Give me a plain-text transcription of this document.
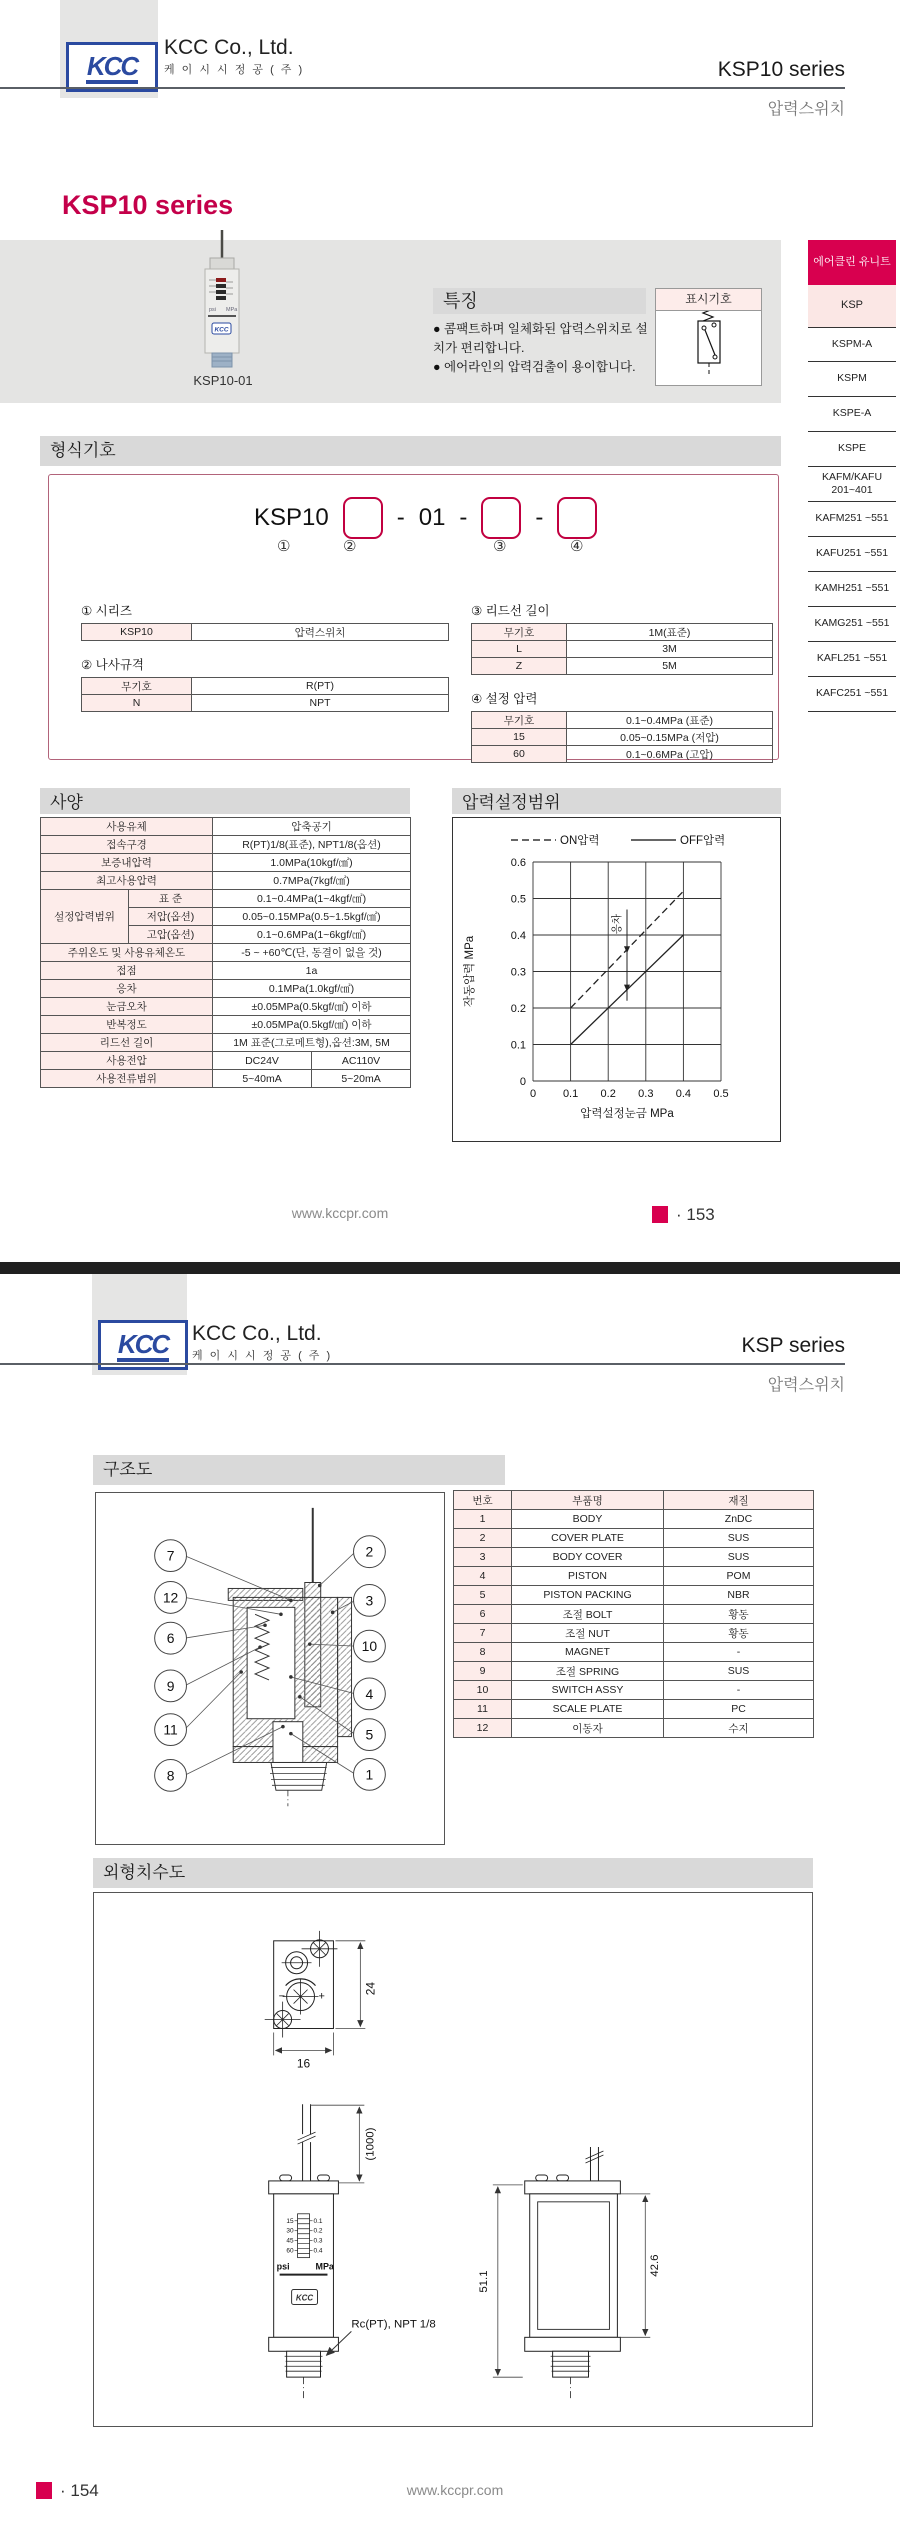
KCC
KCC Co., Ltd.
케 이 시 시 정 공 ( 주 )	KSP10 series
압력스위치
KSP10 series
psi MPa
KCC
KSP10-01
특징
● 콤팩트하며 일체화된 압력스위치로 설치가 편리합니다.
● 에어라인의 압력검출이 용이합니다.
표시기호
에어클린 유니트
KSP
KSPM-A
KSPM
KSPE-A
KSPE
KAFM/KAFU 201~401
KAFM251 ~551
KAFU251 ~551
KAMH251 ~551
KAMG251 ~551
KAFL251 ~551
KAFC251 ~551
형식기호
KSP10	- 01 -	-
①	②	③	④
① 시리즈
KSP10	압력스위치
② 나사규격
무기호	R(PT)
N	NPT
③ 리드선 길이
무기호	1M(표준)
L	3M
Z	5M
④ 설정 압력
무기호	0.1~0.4MPa (표준)
15	0.05~0.15MPa (저압)
60	0.1~0.6MPa (고압)
사양
사용유체		압축공기	
접속구경		R(PT)1/8(표준), NPT1/8(옵션)	
보증내압력		1.0MPa(10kgf/㎠)	
최고사용압력		0.7MPa(7kgf/㎠)	
설정압력범위	표 준	0.1~0.4MPa(1~4kgf/㎠)	
	저압(옵션)	0.05~0.15MPa(0.5~1.5kgf/㎠)	
	고압(옵션)	0.1~0.6MPa(1~6kgf/㎠)	
주위온도 및 사용유체온도		-5 ~ +60℃(단, 동결이 없을 것)	
접점		1a	
응차		0.1MPa(1.0kgf/㎠)	
눈금오차		±0.05MPa(0.5kgf/㎠) 이하	
반복정도		±0.05MPa(0.5kgf/㎠) 이하	
리드선 길이		1M 표준(그로메트형),옵션:3M, 5M	
사용전압		DC24V	AC110V
사용전류범위		5~40mA	5~20mA
압력설정범위
ON압력	OFF압력
0 0.1 0.2 0.3 0.4 0.5
0
0.1
0.2
0.3
0.4
0.5
0.6
응차
압력설정눈금 MPa
작동압력 MPa
www.kccpr.com	· 153
KCC KCC Co., Ltd.
케 이 시 시 정 공 ( 주 )	KSP series
압력스위치
구조도
7
12
6
9
11
8
2
3
10
4
5
1
번호	부품명	재질
1	BODY	ZnDC
2	COVER PLATE	SUS
3	BODY COVER	SUS
4	PISTON	POM
5	PISTON PACKING	NBR
6	조절 BOLT	황동
7	조절 NUT	황동
8	MAGNET	-
9	조절 SPRING	SUS
10	SWITCH ASSY	-
11	SCALE PLATE	PC
12	이동자	수지
외형치수도
−	+
24
16
15
30
45
60
0.1
0.2
0.3
0.4
psi	MPa
KCC
(1000)
Rc(PT), NPT 1/8
51.1
42.6
· 154	www.kccpr.com
